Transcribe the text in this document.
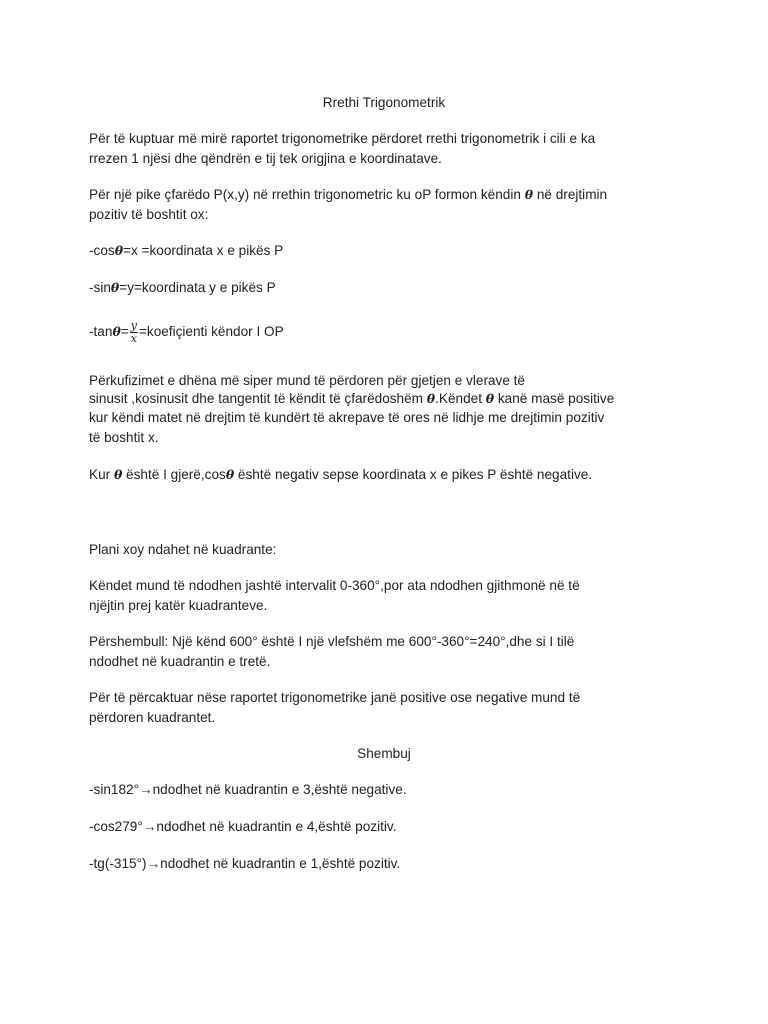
Rrethi Trigonometrik
Për të kuptuar më mirë raportet trigonometrike përdoret rrethi trigonometrik i cili e ka
rrezen 1 njësi dhe qëndrën e tij tek origjina e koordinatave.
Për një pike çfarëdo P(x,y) në rrethin trigonometric ku oP formon këndin θ në drejtimin
pozitiv të boshtit ox:
-cosθ=x =koordinata x e pikës P
-sinθ=y=koordinata y e pikës P
$-\tan\theta= \frac{y}{x}$ =koefiçienti këndor I OP
Përkufizimet e dhëna më siper mund të përdoren për gjetjen e vlerave të
sinusit ,kosinusit dhe tangentit të këndit të çfarëdoshëm θ.Këndet θ kanë masë positive
kur këndi matet në drejtim të kundërt të akrepave të ores në lidhje me drejtimin pozitiv
të boshtit x.
Kur θ është I gjerë,cosθ është negativ sepse koordinata x e pikes P është negative.
Plani xoy ndahet në kuadrante:
Këndet mund të ndodhen jashtë intervalit 0-360°,por ata ndodhen gjithmonë në të
njëjtin prej katër kuadranteve.
Përshembull: Një kënd 600° është I një vlefshëm me 600°-360°=240°,dhe si I tilë
ndodhet në kuadrantin e tretë.
Për të përcaktuar nëse raportet trigonometrike janë positive ose negative mund të
përdoren kuadrantet.
Shembuj
-sin182°→ndodhet në kuadrantin e 3,është negative.
-cos279°→ndodhet në kuadrantin e 4,është pozitiv.
-tg(-315°)→ndodhet në kuadrantin e 1,është pozitiv.
